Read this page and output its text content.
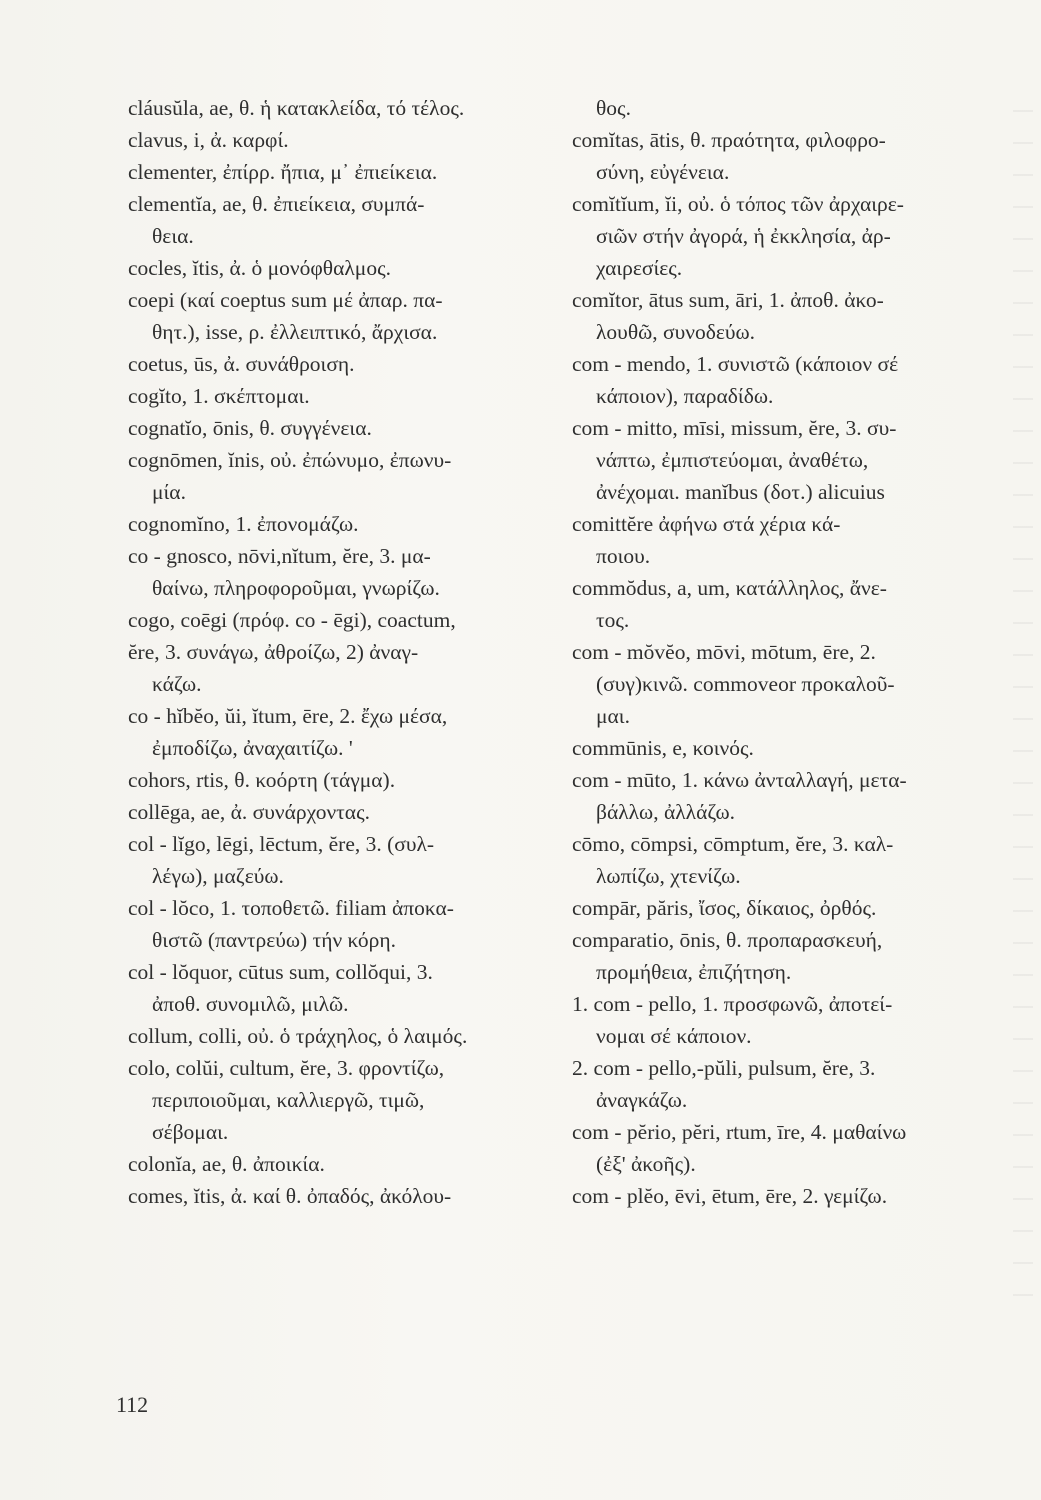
cláusŭla, ae, θ. ἡ κατακλείδα, τό τέλος.
clavus, i, ἀ. καρφί.
clementer, ἐπίρρ. ἤπια, μ᾽ ἐπιείκεια.
clementĭa, ae, θ. ἐπιείκεια, συμπά-
θεια.
cocles, ĭtis, ἀ. ὁ μονόφθαλμος.
coepi (καί coeptus sum μέ ἀπαρ. πα-
θητ.), isse, ρ. ἐλλειπτικό, ἄρχισα.
coetus, ūs, ἀ. συνάθροιση.
cogĭto, 1. σκέπτομαι.
cognatĭo, ōnis, θ. συγγένεια.
cognōmen, ĭnis, οὐ. ἐπώνυμο, ἐπωνυ-
μία.
cognomĭno, 1. ἐπονομάζω.
co - gnosco, nōvi,nĭtum, ĕre, 3. μα-
θαίνω, πληροφοροῦμαι, γνωρίζω.
cogo, coēgi (πρόφ. co - ēgi), coactum,
ĕre, 3. συνάγω, ἀθροίζω, 2) ἀναγ-
κάζω.
co - hĭbĕo, ŭi, ĭtum, ēre, 2. ἔχω μέσα,
ἐμποδίζω, ἀναχαιτίζω. '
cohors, rtis, θ. κοόρτη (τάγμα).
collēga, ae, ἀ. συνάρχοντας.
col - lĭgo, lēgi, lēctum, ĕre, 3. (συλ-
λέγω), μαζεύω.
col - lŏco, 1. τοποθετῶ. filiam ἀποκα-
θιστῶ (παντρεύω) τήν κόρη.
col - lŏquor, cūtus sum, collŏqui, 3.
ἀποθ. συνομιλῶ, μιλῶ.
collum, colli, οὐ. ὁ τράχηλος, ὁ λαιμός.
colo, colŭi, cultum, ĕre, 3. φροντίζω,
περιποιοῦμαι, καλλιεργῶ, τιμῶ,
σέβομαι.
colonĭa, ae, θ. ἀποικία.
comes, ĭtis, ἀ. καί θ. ὀπαδός, ἀκόλου-
θος.
comĭtas, ātis, θ. πραότητα, φιλοφρο-
σύνη, εὐγένεια.
comĭtĭum, ĭi, οὐ. ὁ τόπος τῶν ἀρχαιρε-
σιῶν στήν ἀγορά, ἡ ἐκκλησία, ἀρ-
χαιρεσίες.
comĭtor, ātus sum, āri, 1. ἀποθ. ἀκο-
λουθῶ, συνοδεύω.
com - mendo, 1. συνιστῶ (κάποιον σέ
κάποιον), παραδίδω.
com - mitto, mīsi, missum, ĕre, 3. συ-
νάπτω, ἐμπιστεύομαι, ἀναθέτω,
ἀνέχομαι. manĭbus (δοτ.) alicuius
comittĕre ἀφήνω στά χέρια κά-
ποιου.
commŏdus, a, um, κατάλληλος, ἄνε-
τος.
com - mŏvĕo, mōvi, mōtum, ēre, 2.
(συγ)κινῶ. commoveor προκαλοῦ-
μαι.
commūnis, e, κοινός.
com - mūto, 1. κάνω ἀνταλλαγή, μετα-
βάλλω, ἀλλάζω.
cōmo, cōmpsi, cōmptum, ĕre, 3. καλ-
λωπίζω, χτενίζω.
compār, păris, ἴσος, δίκαιος, ὀρθός.
comparatio, ōnis, θ. προπαρασκευή,
προμήθεια, ἐπιζήτηση.
1. com - pello, 1. προσφωνῶ, ἀποτεί-
νομαι σέ κάποιον.
2. com - pello,-pŭli, pulsum, ĕre, 3.
ἀναγκάζω.
com - pĕrio, pĕri, rtum, īre, 4. μαθαίνω
(ἐξ' ἀκοῆς).
com - plĕo, ēvi, ētum, ēre, 2. γεμίζω.
112
